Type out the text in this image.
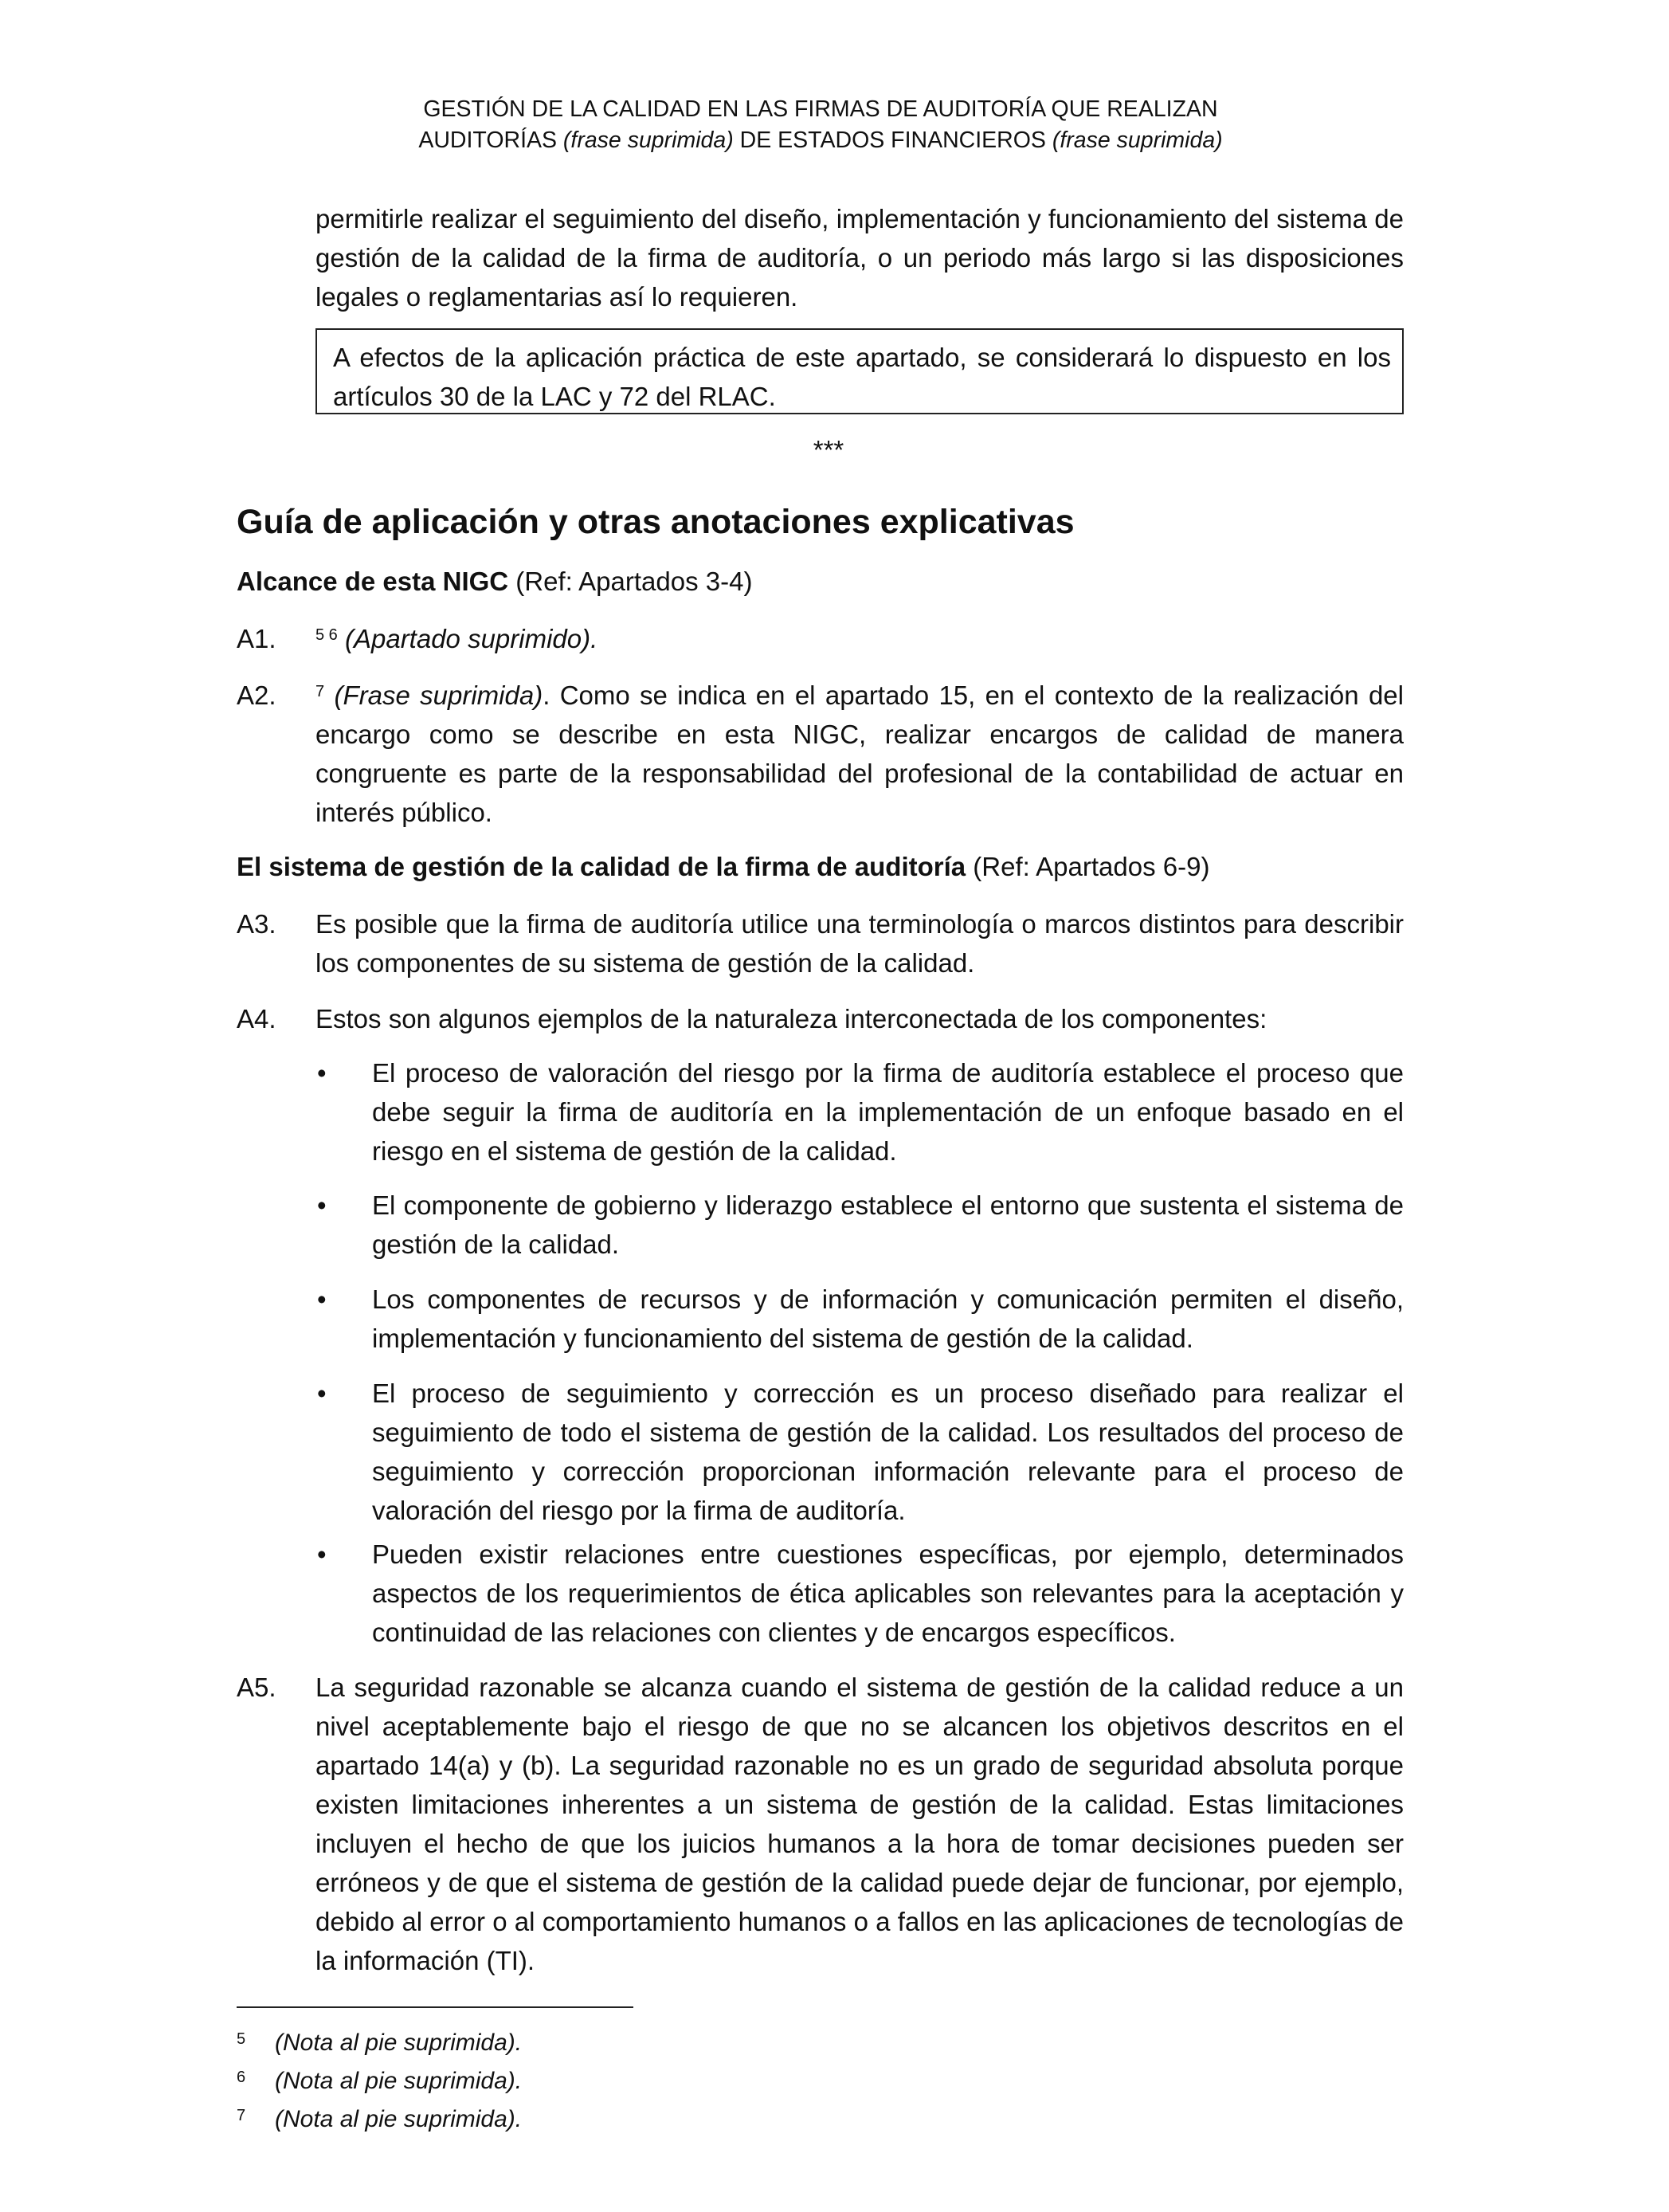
GESTIÓN DE LA CALIDAD EN LAS FIRMAS DE AUDITORÍA QUE REALIZAN
AUDITORÍAS (frase suprimida) DE ESTADOS FINANCIEROS (frase suprimida)
permitirle realizar el seguimiento del diseño, implementación y funcionamiento del sistema de gestión de la calidad de la firma de auditoría, o un periodo más largo si las disposiciones legales o reglamentarias así lo requieren.
A efectos de la aplicación práctica de este apartado, se considerará lo dispuesto en los artículos 30 de la LAC y 72 del RLAC.
***
Guía de aplicación y otras anotaciones explicativas
Alcance de esta NIGC (Ref: Apartados 3-4)
A1. $^{5 6}$ (Apartado suprimido).
A2. $^7$ (Frase suprimida). Como se indica en el apartado 15, en el contexto de la realización del encargo como se describe en esta NIGC, realizar encargos de calidad de manera congruente es parte de la responsabilidad del profesional de la contabilidad de actuar en interés público.
El sistema de gestión de la calidad de la firma de auditoría (Ref: Apartados 6-9)
A3. Es posible que la firma de auditoría utilice una terminología o marcos distintos para describir los componentes de su sistema de gestión de la calidad.
A4. Estos son algunos ejemplos de la naturaleza interconectada de los componentes:
• El proceso de valoración del riesgo por la firma de auditoría establece el proceso que debe seguir la firma de auditoría en la implementación de un enfoque basado en el riesgo en el sistema de gestión de la calidad.
• El componente de gobierno y liderazgo establece el entorno que sustenta el sistema de gestión de la calidad.
• Los componentes de recursos y de información y comunicación permiten el diseño, implementación y funcionamiento del sistema de gestión de la calidad.
• El proceso de seguimiento y corrección es un proceso diseñado para realizar el seguimiento de todo el sistema de gestión de la calidad. Los resultados del proceso de seguimiento y corrección proporcionan información relevante para el proceso de valoración del riesgo por la firma de auditoría.
• Pueden existir relaciones entre cuestiones específicas, por ejemplo, determinados aspectos de los requerimientos de ética aplicables son relevantes para la aceptación y continuidad de las relaciones con clientes y de encargos específicos.
A5. La seguridad razonable se alcanza cuando el sistema de gestión de la calidad reduce a un nivel aceptablemente bajo el riesgo de que no se alcancen los objetivos descritos en el apartado 14(a) y (b). La seguridad razonable no es un grado de seguridad absoluta porque existen limitaciones inherentes a un sistema de gestión de la calidad. Estas limitaciones incluyen el hecho de que los juicios humanos a la hora de tomar decisiones pueden ser erróneos y de que el sistema de gestión de la calidad puede dejar de funcionar, por ejemplo, debido al error o al comportamiento humanos o a fallos en las aplicaciones de tecnologías de la información (TI).
5 (Nota al pie suprimida).
6 (Nota al pie suprimida).
7 (Nota al pie suprimida).
